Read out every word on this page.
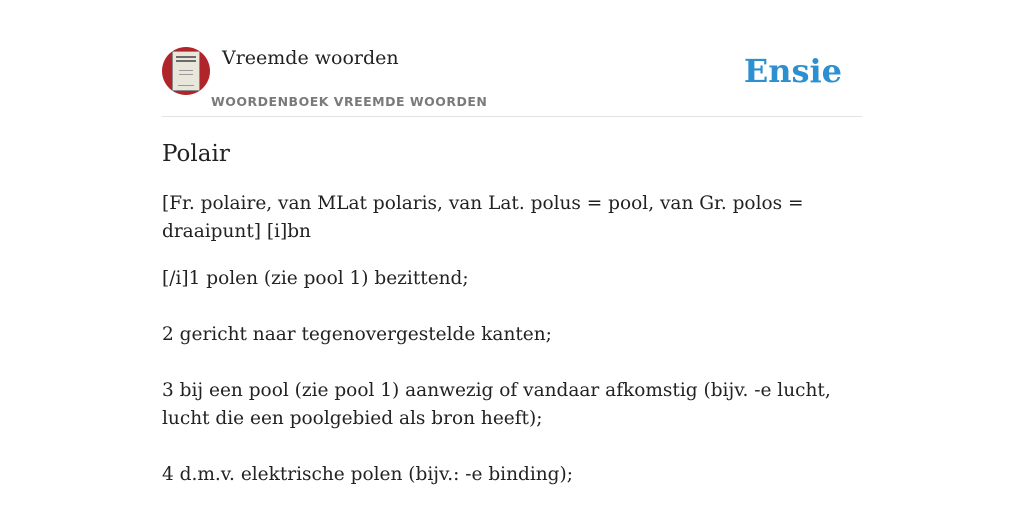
Vreemde woorden
WOORDENBOEK VREEMDE WOORDEN
Ensie
Polair

[Fr. polaire, van MLat polaris, van Lat. polus = pool, van Gr. polos = draaipunt] [i]bn

[/i]1 polen (zie pool 1) bezittend;
2 gericht naar tegenovergestelde kanten;
3 bij een pool (zie pool 1) aanwezig of vandaar afkomstig (bijv. -e lucht, lucht die een poolgebied als bron heeft);
4 d.m.v. elektrische polen (bijv.: -e binding);
